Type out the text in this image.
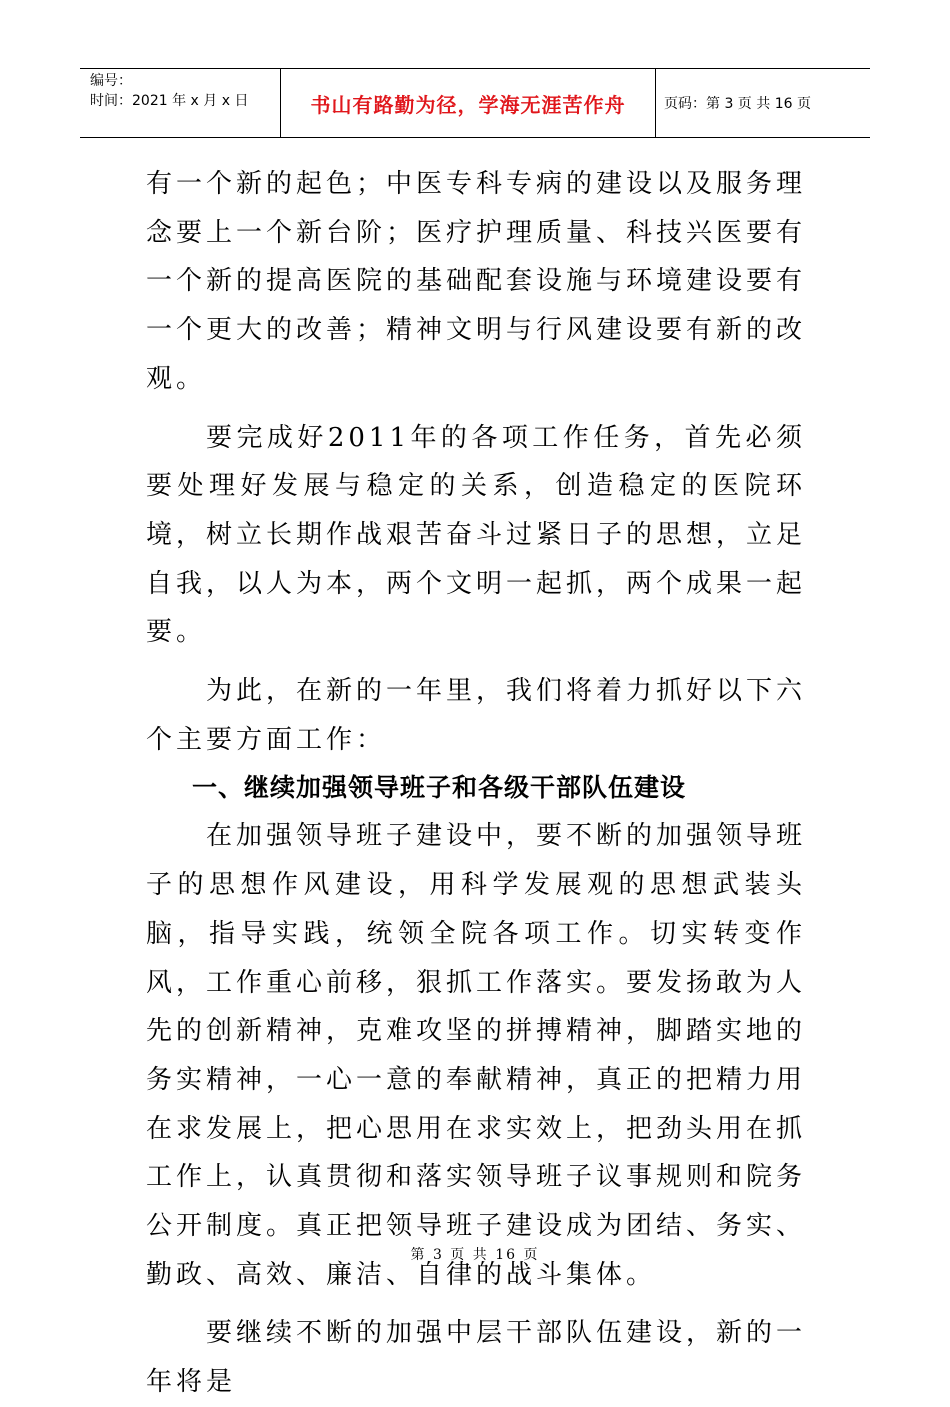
编号：
时间：2021 年 x 月 x 日	书山有路勤为径，学海无涯苦作舟	页码：第 3 页 共 16 页

有一个新的起色；中医专科专病的建设以及服务理念要上一个新台阶；医疗护理质量、科技兴医要有一个新的提高医院的基础配套设施与环境建设要有一个更大的改善；精神文明与行风建设要有新的改观。

要完成好2011年的各项工作任务，首先必须要处理好发展与稳定的关系，创造稳定的医院环境，树立长期作战艰苦奋斗过紧日子的思想，立足自我，以人为本，两个文明一起抓，两个成果一起要。

为此，在新的一年里，我们将着力抓好以下六个主要方面工作：

一、继续加强领导班子和各级干部队伍建设

在加强领导班子建设中，要不断的加强领导班子的思想作风建设，用科学发展观的思想武装头脑，指导实践，统领全院各项工作。切实转变作风，工作重心前移，狠抓工作落实。要发扬敢为人先的创新精神，克难攻坚的拼搏精神，脚踏实地的务实精神，一心一意的奉献精神，真正的把精力用在求发展上，把心思用在求实效上，把劲头用在抓工作上，认真贯彻和落实领导班子议事规则和院务公开制度。真正把领导班子建设成为团结、务实、勤政、高效、廉洁、自律的战斗集体。

要继续不断的加强中层干部队伍建设，新的一年将是

第 3 页 共 16 页
